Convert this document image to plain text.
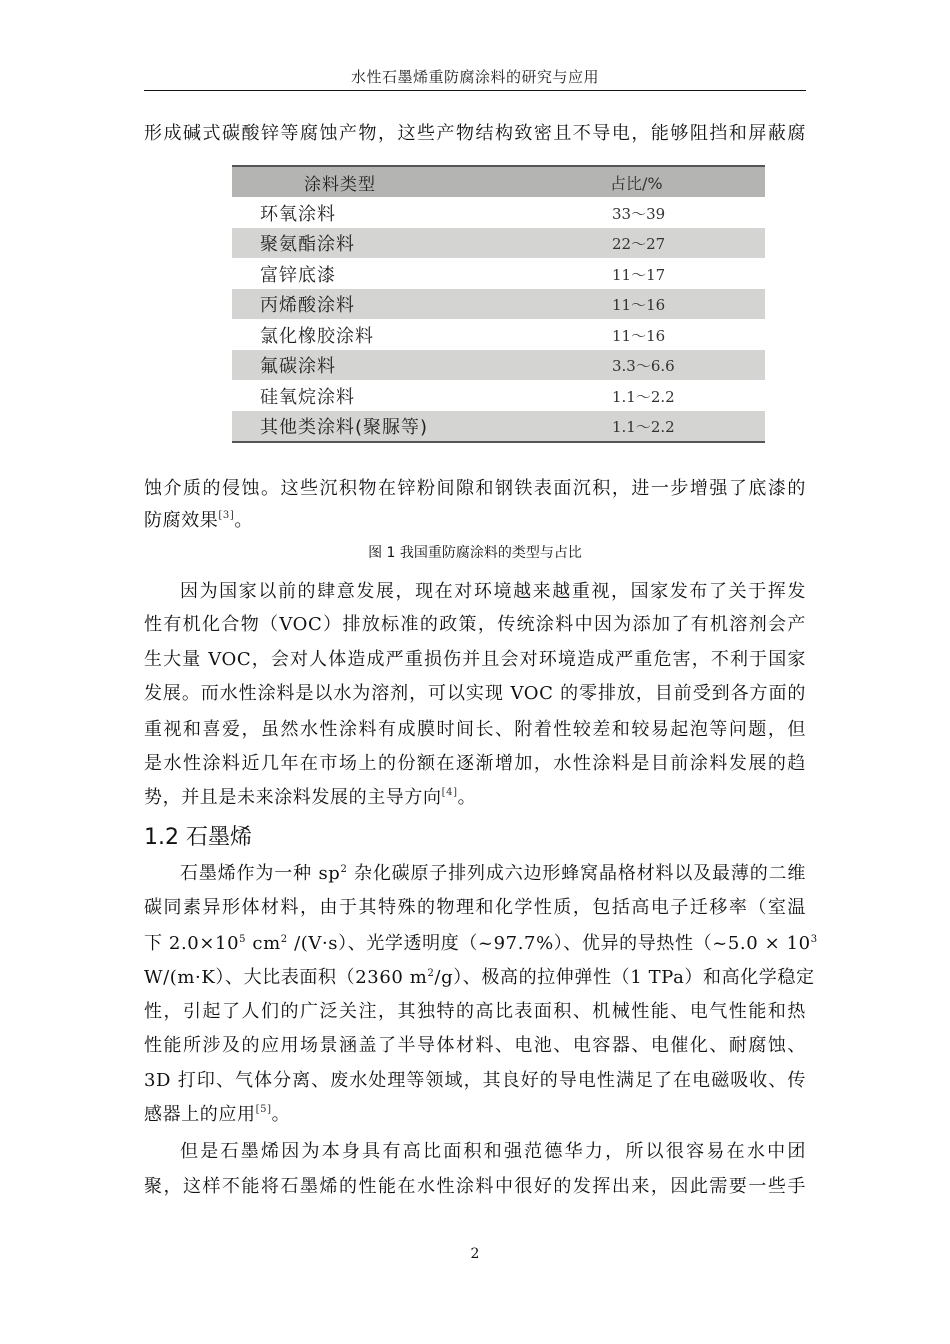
水性石墨烯重防腐涂料的研究与应用
形成碱式碳酸锌等腐蚀产物，这些产物结构致密且不导电，能够阻挡和屏蔽腐
涂料类型	占比/%
环氧涂料	33～39
聚氨酯涂料	22～27
富锌底漆	11～17
丙烯酸涂料	11～16
氯化橡胶涂料	11～16
氟碳涂料	3.3～6.6
硅氧烷涂料	1.1～2.2
其他类涂料(聚脲等)	1.1～2.2
蚀介质的侵蚀。这些沉积物在锌粉间隙和钢铁表面沉积，进一步增强了底漆的
防腐效果[3]。
图 1 我国重防腐涂料的类型与占比
因为国家以前的肆意发展，现在对环境越来越重视，国家发布了关于挥发
性有机化合物（VOC）排放标准的政策，传统涂料中因为添加了有机溶剂会产
生大量 VOC，会对人体造成严重损伤并且会对环境造成严重危害，不利于国家
发展。而水性涂料是以水为溶剂，可以实现 VOC 的零排放，目前受到各方面的
重视和喜爱，虽然水性涂料有成膜时间长、附着性较差和较易起泡等问题，但
是水性涂料近几年在市场上的份额在逐渐增加，水性涂料是目前涂料发展的趋
势，并且是未来涂料发展的主导方向[4]。
1.2 石墨烯
石墨烯作为一种 $sp^2$ 杂化碳原子排列成六边形蜂窝晶格材料以及最薄的二维
碳同素异形体材料，由于其特殊的物理和化学性质，包括高电子迁移率（室温
下 $2.0\times 10^5$ $cm^2$ /(V·s）、光学透明度（~97.7%）、优异的导热性（~5.0 × $10^3$
W/(m·K）、大比表面积（2360 $m^2/g$）、极高的拉伸弹性（1 TPa）和高化学稳定
性，引起了人们的广泛关注，其独特的高比表面积、机械性能、电气性能和热
性能所涉及的应用场景涵盖了半导体材料、电池、电容器、电催化、耐腐蚀、
3D 打印、气体分离、废水处理等领域，其良好的导电性满足了在电磁吸收、传
感器上的应用[5]。
但是石墨烯因为本身具有高比面积和强范德华力，所以很容易在水中团
聚，这样不能将石墨烯的性能在水性涂料中很好的发挥出来，因此需要一些手
2
